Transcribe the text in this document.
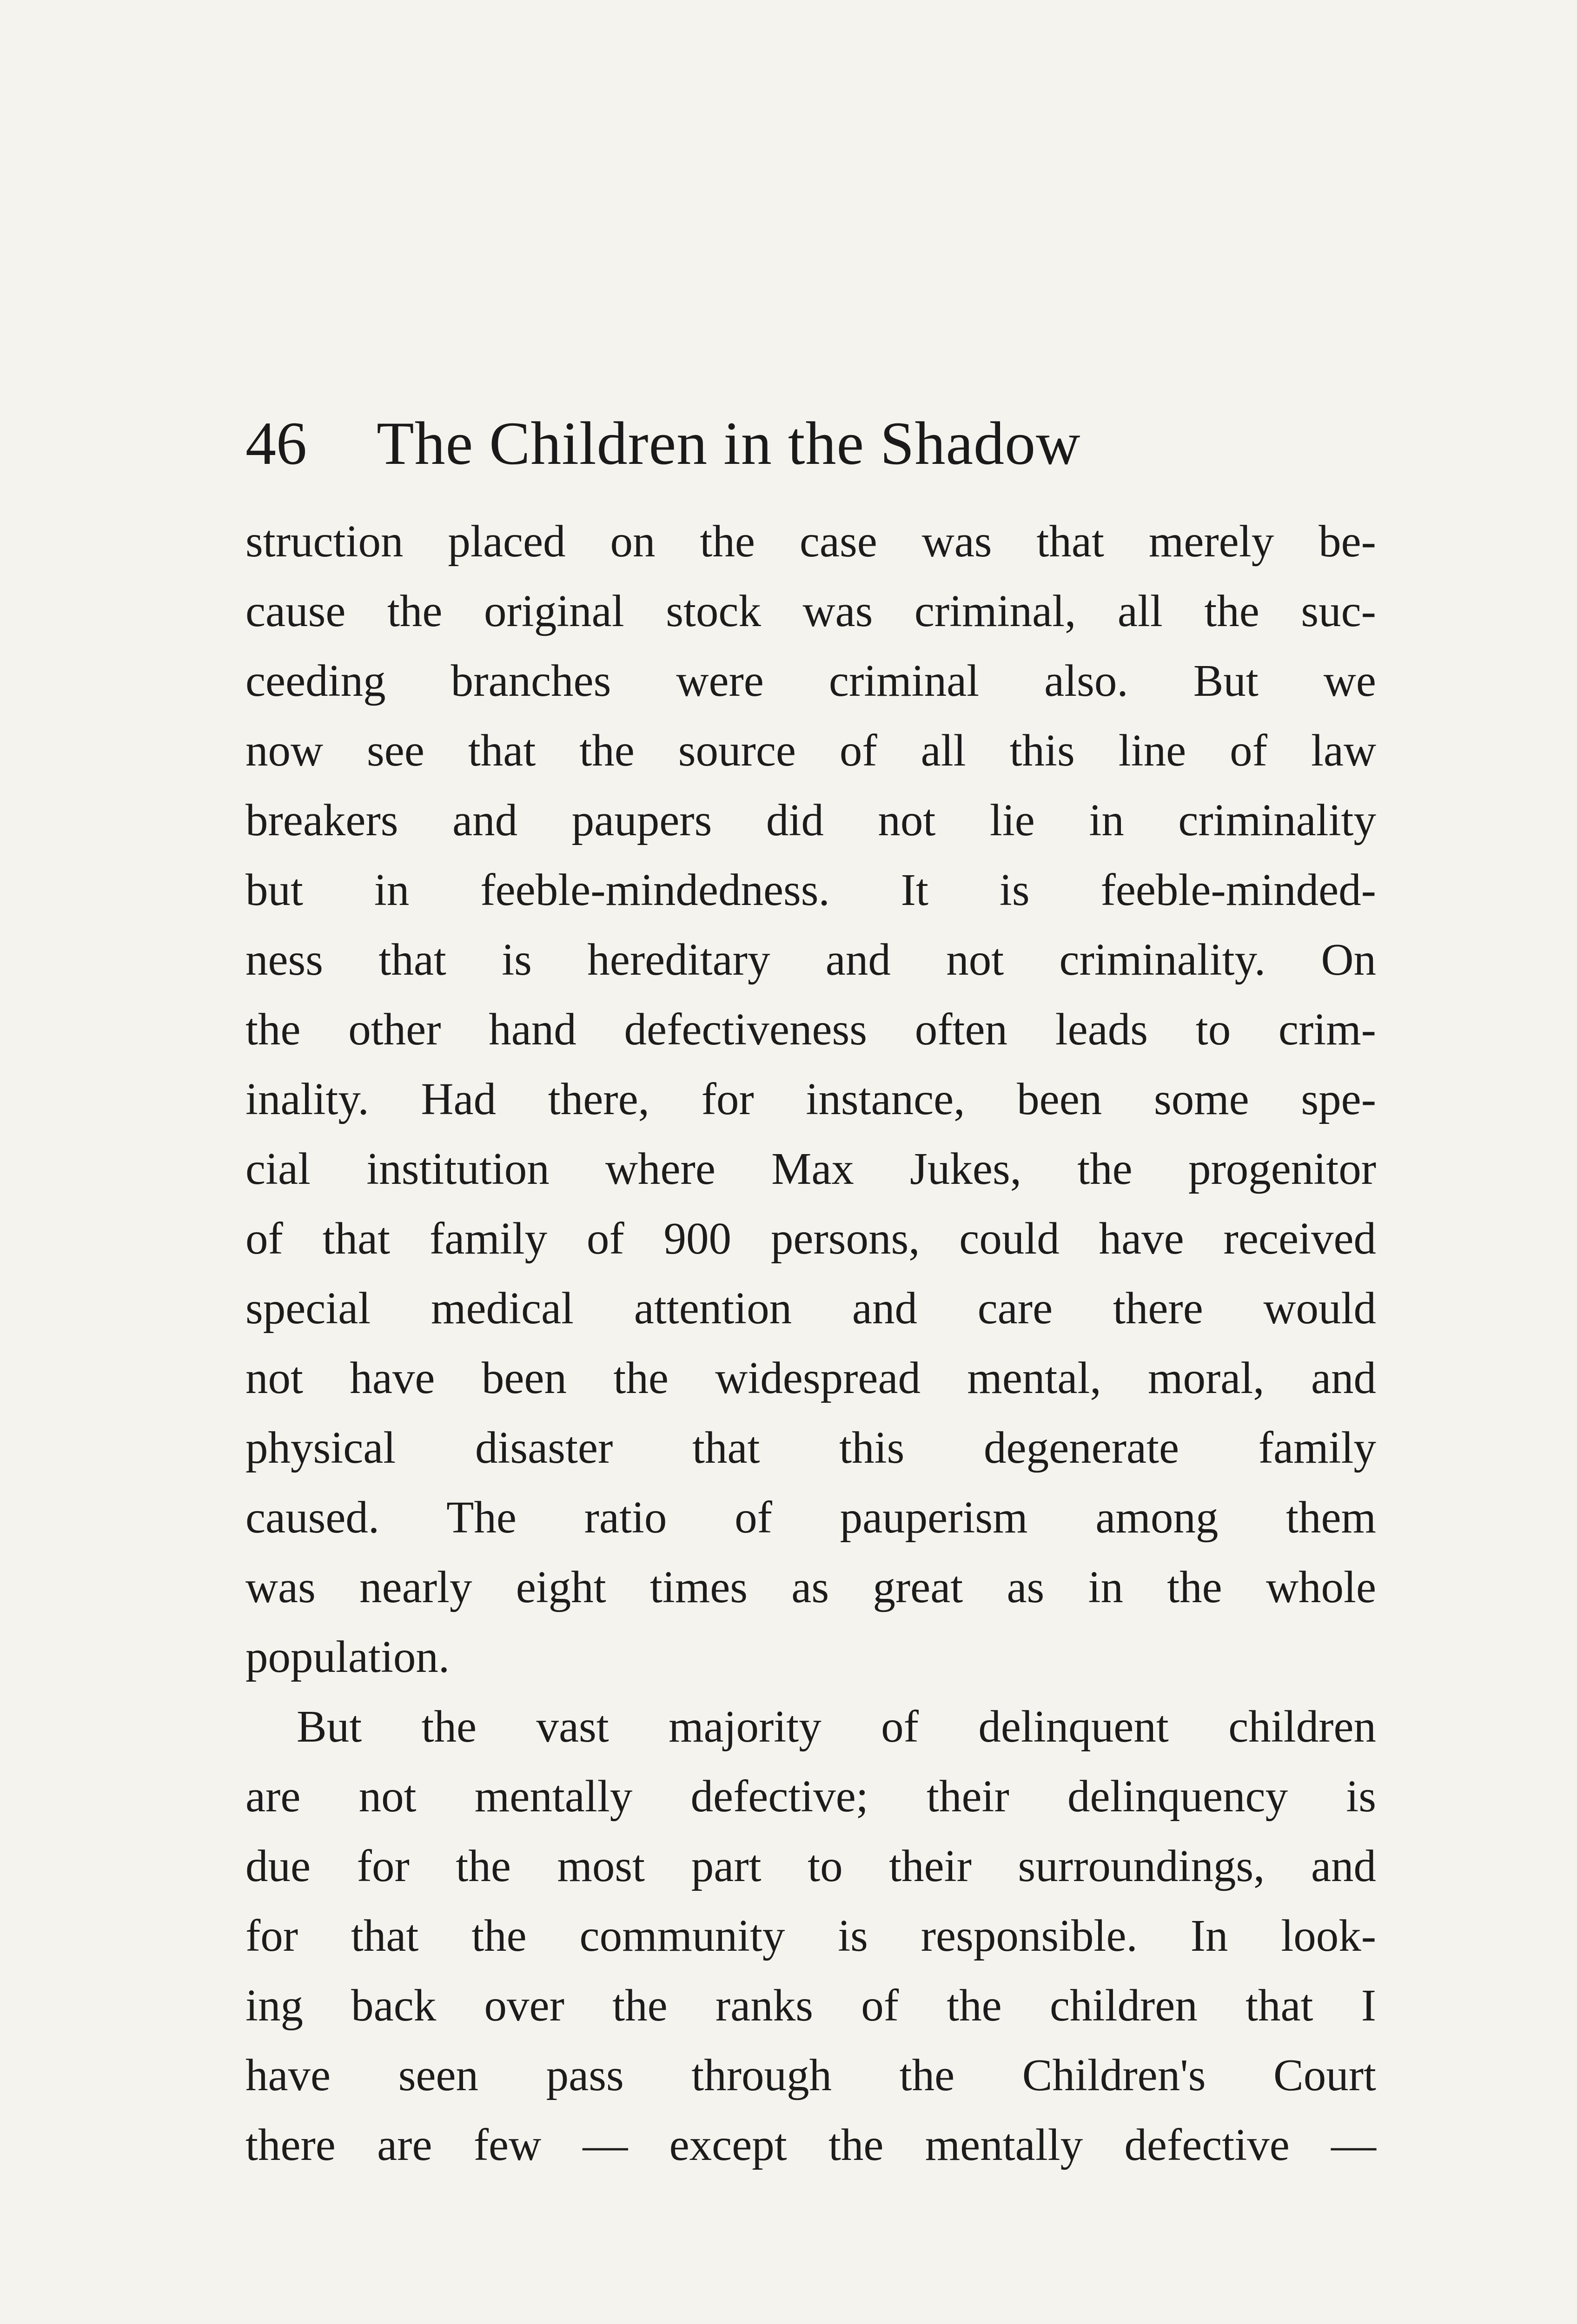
46 The Children in the Shadow
struction placed on the case was that merely be-
cause the original stock was criminal, all the suc-
ceeding branches were criminal also. But we
now see that the source of all this line of law
breakers and paupers did not lie in criminality
but in feeble-mindedness. It is feeble-minded-
ness that is hereditary and not criminality. On
the other hand defectiveness often leads to crim-
inality. Had there, for instance, been some spe-
cial institution where Max Jukes, the progenitor
of that family of 900 persons, could have received
special medical attention and care there would
not have been the widespread mental, moral, and
physical disaster that this degenerate family
caused. The ratio of pauperism among them
was nearly eight times as great as in the whole
population.
But the vast majority of delinquent children
are not mentally defective; their delinquency is
due for the most part to their surroundings, and
for that the community is responsible. In look-
ing back over the ranks of the children that I
have seen pass through the Children's Court
there are few — except the mentally defective —
